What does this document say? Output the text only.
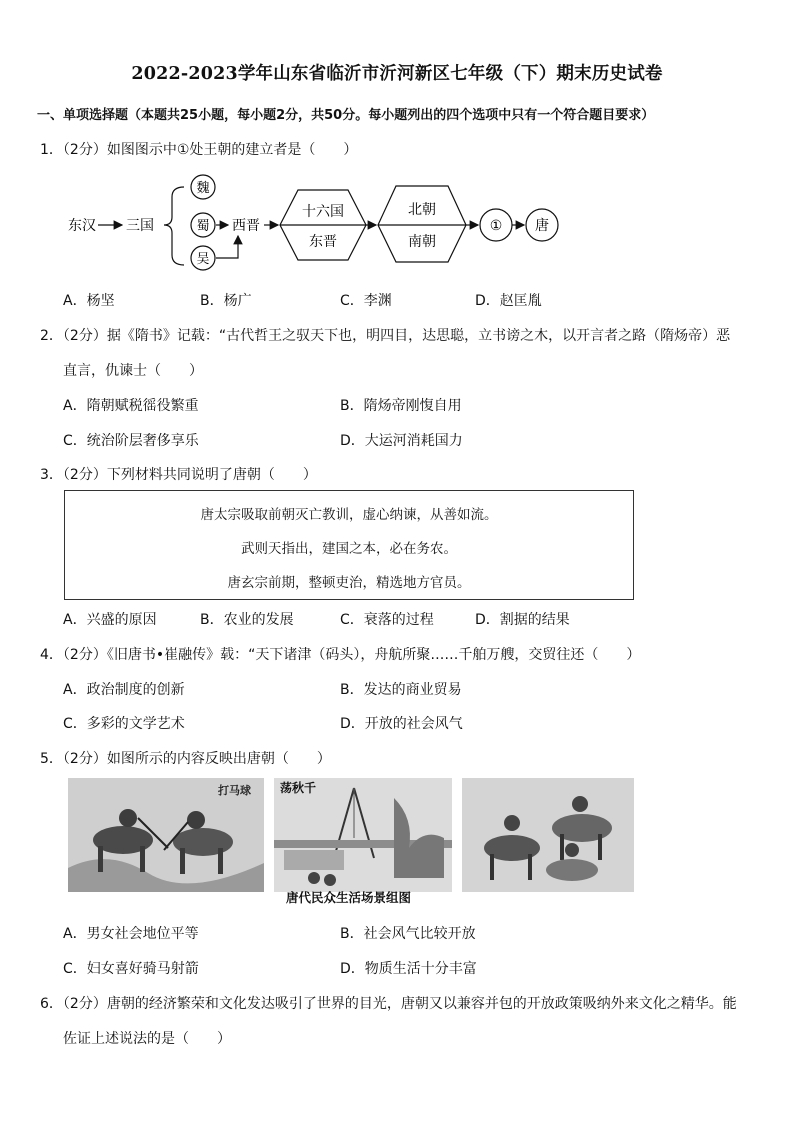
2022-2023学年山东省临沂市沂河新区七年级（下）期末历史试卷
一、单项选择题（本题共25小题，每小题2分，共50分。每小题列出的四个选项中只有一个符合题目要求）
1．（2分）如图图示中①处王朝的建立者是（　　）
东汉 三国
魏
蜀
吴
西晋
十六国
东晋
北朝
南朝
① 唐
A．杨坚	B．杨广	C．李渊	D．赵匡胤
2．（2分）据《隋书》记载：“古代哲王之驭天下也，明四目，达思聪，立书谤之木，以开言者之路（隋炀帝）恶
直言，仇谏士（　　）
A．隋朝赋税徭役繁重	B．隋炀帝刚愎自用
C．统治阶层奢侈享乐	D．大运河消耗国力
3．（2分）下列材料共同说明了唐朝（　　）
唐太宗吸取前朝灭亡教训，虚心纳谏，从善如流。
武则天指出，建国之本，必在务农。
唐玄宗前期，整顿吏治，精选地方官员。
A．兴盛的原因	B．农业的发展	C．衰落的过程	D．割据的结果
4．（2分）《旧唐书•崔融传》载：“天下诸津（码头），舟航所聚……千舶万艘，交贸往还（　　）
A．政治制度的创新	B．发达的商业贸易
C．多彩的文学艺术	D．开放的社会风气
5．（2分）如图所示的内容反映出唐朝（　　）
打马球 荡秋千
唐代民众生活场景组图
A．男女社会地位平等	B．社会风气比较开放
C．妇女喜好骑马射箭	D．物质生活十分丰富
6．（2分）唐朝的经济繁荣和文化发达吸引了世界的目光，唐朝又以兼容并包的开放政策吸纳外来文化之精华。能
佐证上述说法的是（　　）
